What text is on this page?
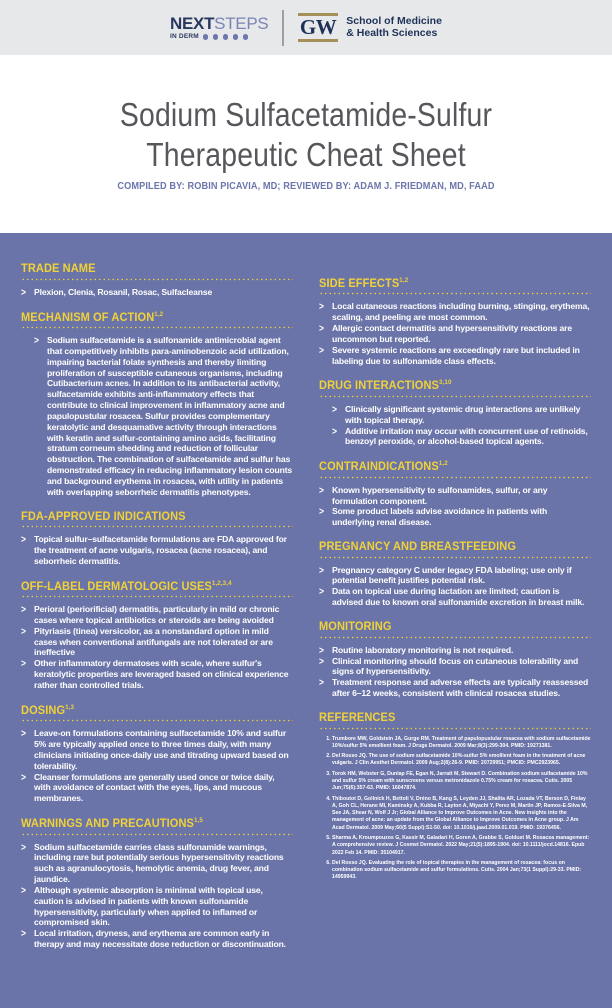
NEXTSTEPS
IN DERM	GW School of Medicine
& Health Sciences
Sodium Sulfacetamide-Sulfur
Therapeutic Cheat Sheet
COMPILED BY: ROBIN PICAVIA, MD; REVIEWED BY: ADAM J. FRIEDMAN, MD, FAAD
TRADE NAME
>
Plexion, Clenia, Rosanil, Rosac, Sulfacleanse
MECHANISM OF ACTION$^{1,2}$
>
Sodium sulfacetamide is a sulfonamide antimicrobial agent that competitively inhibits para-aminobenzoic acid utilization, impairing bacterial folate synthesis and thereby limiting proliferation of susceptible cutaneous organisms, including Cutibacterium acnes. In addition to its antibacterial activity, sulfacetamide exhibits anti-inflammatory effects that contribute to clinical improvement in inflammatory acne and papulopustular rosacea. Sulfur provides complementary keratolytic and desquamative activity through interactions with keratin and sulfur-containing amino acids, facilitating stratum corneum shedding and reduction of follicular obstruction. The combination of sulfacetamide and sulfur has demonstrated efficacy in reducing inflammatory lesion counts and background erythema in rosacea, with utility in patients with overlapping seborrheic dermatitis phenotypes.
FDA-APPROVED INDICATIONS
>
Topical sulfur–sulfacetamide formulations are FDA approved for the treatment of acne vulgaris, rosacea (acne rosacea), and seborrheic dermatitis.
OFF-LABEL DERMATOLOGIC USES$^{1,2,3,4}$
>
Perioral (periorificial) dermatitis, particularly in mild or chronic cases where topical antibiotics or steroids are being avoided
>
Pityriasis (tinea) versicolor, as a nonstandard option in mild cases when conventional antifungals are not tolerated or are ineffective
>
Other inflammatory dermatoses with scale, where sulfur's keratolytic properties are leveraged based on clinical experience rather than controlled trials.
DOSING$^{1,3}$
>
Leave-on formulations containing sulfacetamide 10% and sulfur 5% are typically applied once to three times daily, with many clinicians initiating once-daily use and titrating upward based on tolerability.
>
Cleanser formulations are generally used once or twice daily, with avoidance of contact with the eyes, lips, and mucous membranes.
WARNINGS AND PRECAUTIONS$^{1,5}$
>
Sodium sulfacetamide carries class sulfonamide warnings, including rare but potentially serious hypersensitivity reactions such as agranulocytosis, hemolytic anemia, drug fever, and jaundice.
>
Although systemic absorption is minimal with topical use, caution is advised in patients with known sulfonamide hypersensitivity, particularly when applied to inflamed or compromised skin.
>
Local irritation, dryness, and erythema are common early in therapy and may necessitate dose reduction or discontinuation.
SIDE EFFECTS$^{1,2}$
>
Local cutaneous reactions including burning, stinging, erythema, scaling, and peeling are most common.
>
Allergic contact dermatitis and hypersensitivity reactions are uncommon but reported.
>
Severe systemic reactions are exceedingly rare but included in labeling due to sulfonamide class effects.
DRUG INTERACTIONS$^{3,10}$
>
Clinically significant systemic drug interactions are unlikely with topical therapy.
>
Additive irritation may occur with concurrent use of retinoids, benzoyl peroxide, or alcohol-based topical agents.
CONTRAINDICATIONS$^{1,2}$
>
Known hypersensitivity to sulfonamides, sulfur, or any formulation component.
>
Some product labels advise avoidance in patients with underlying renal disease.
PREGNANCY AND BREASTFEEDING
>
Pregnancy category C under legacy FDA labeling; use only if potential benefit justifies potential risk.
>
Data on topical use during lactation are limited; caution is advised due to known oral sulfonamide excretion in breast milk.
MONITORING
>
Routine laboratory monitoring is not required.
>
Clinical monitoring should focus on cutaneous tolerability and signs of hypersensitivity.
>
Treatment response and adverse effects are typically reassessed after 6–12 weeks, consistent with clinical rosacea studies.
REFERENCES
1. Trumbore MW, Goldstein JA, Gurge RM. Treatment of papulopustular rosacea with sodium sulfacetamide 10%/sulfur 5% emollient foam. J Drugs Dermatol. 2009 Mar;8(3):299-304. PMID: 19271381.
2. Del Rosso JQ. The use of sodium sulfacetamide 10%-sulfur 5% emollient foam in the treatment of acne vulgaris. J Clin Aesthet Dermatol. 2009 Aug;2(8):26-9. PMID: 20729951; PMCID: PMC2923965.
3. Torok HM, Webster G, Dunlap FE, Egan N, Jarratt M, Stewart D. Combination sodium sulfacetamide 10% and sulfur 5% cream with sunscreens versus metronidazole 0.75% cream for rosacea. Cutis. 2005 Jun;75(6):357-63. PMID: 16047874.
4. Thiboutot D, Gollnick H, Bettoli V, Dréno B, Kang S, Leyden JJ, Shalita AR, Lozada VT, Berson D, Finlay A, Goh CL, Herane MI, Kaminsky A, Kubba R, Layton A, Miyachi Y, Perez M, Martin JP, Ramos-E-Silva M, See JA, Shear N, Wolf J Jr; Global Alliance to Improve Outcomes in Acne. New insights into the management of acne: an update from the Global Alliance to Improve Outcomes in Acne group. J Am Acad Dermatol. 2009 May;60(5 Suppl):S1-50. doi: 10.1016/j.jaad.2009.01.019. PMID: 19376456.
5. Sharma A, Kroumpouzos G, Kassir M, Galadari H, Goren A, Grabbe S, Goldust M. Rosacea management: A comprehensive review. J Cosmet Dermatol. 2022 May;21(5):1895-1904. doi: 10.1111/jocd.14816. Epub 2022 Feb 14. PMID: 35104917.
6. Del Rosso JQ. Evaluating the role of topical therapies in the management of rosacea: focus on combination sodium sulfacetamide and sulfur formulations. Cutis. 2004 Jan;73(1 Suppl):29-33. PMID: 14959943.
